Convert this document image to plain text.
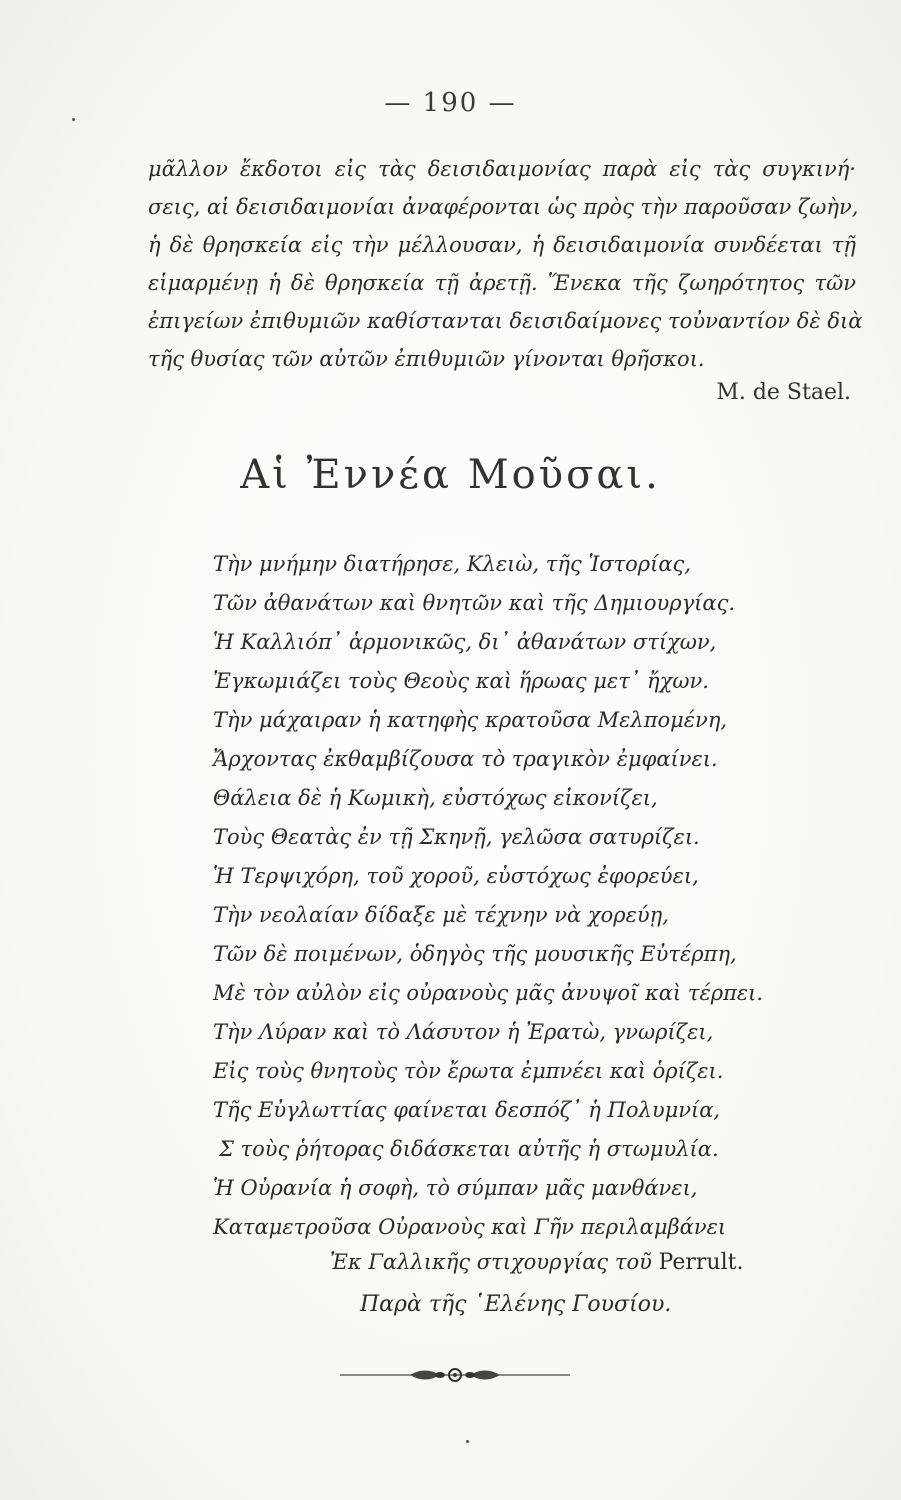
— 190 —
μᾶλλον ἔκδοτοι εἰς τὰς δεισιδαιμονίας παρὰ εἰς τὰς συγκινή·
σεις, αἱ δεισιδαιμονίαι ἀναφέρονται ὡς πρὸς τὴν παροῦσαν ζωὴν,
ἡ δὲ θρησκεία εἰς τὴν μέλλουσαν, ἡ δεισιδαιμονία συνδέεται τῇ
εἱμαρμένῃ ἡ δὲ θρησκεία τῇ ἀρετῇ. Ἕνεκα τῆς ζωηρότητος τῶν
ἐπιγείων ἐπιθυμιῶν καθίστανται δεισιδαίμονες τοὐναντίον δὲ διὰ
τῆς θυσίας τῶν αὐτῶν ἐπιθυμιῶν γίνονται θρῆσκοι.
M. de Stael.
Αἱ Ἐννέα Μοῦσαι.
Τὴν μνήμην διατήρησε, Κλειὼ, τῆς Ἱστορίας,
Τῶν ἀθανάτων καὶ θνητῶν καὶ τῆς Δημιουργίας.
Ἡ Καλλιόπ᾽ ἁρμονικῶς, δι᾽ ἀθανάτων στίχων,
Ἐγκωμιάζει τοὺς Θεοὺς καὶ ἥρωας μετ᾽ ἤχων.
Τὴν μάχαιραν ἡ κατηφὴς κρατοῦσα Μελπομένη,
Ἄρχοντας ἐκθαμβίζουσα τὸ τραγικὸν ἐμφαίνει.
Θάλεια δὲ ἡ Κωμικὴ, εὐστόχως εἰκονίζει,
Τοὺς Θεατὰς ἐν τῇ Σκηνῇ, γελῶσα σατυρίζει.
Ἡ Τερψιχόρη, τοῦ χοροῦ, εὐστόχως ἐφορεύει,
Τὴν νεολαίαν δίδαξε μὲ τέχνην νὰ χορεύῃ,
Τῶν δὲ ποιμένων, ὁδηγὸς τῆς μουσικῆς Εὐτέρπη,
Μὲ τὸν αὐλὸν εἰς οὐρανοὺς μᾶς ἀνυψοῖ καὶ τέρπει.
Τὴν Λύραν καὶ τὸ Λάσυτον ἡ Ἐρατὼ, γνωρίζει,
Εἰς τοὺς θνητοὺς τὸν ἔρωτα ἐμπνέει καὶ ὁρίζει.
Τῆς Εὐγλωττίας φαίνεται δεσπόζ᾽ ἡ Πολυμνία,
Σ τοὺς ῥήτορας διδάσκεται αὐτῆς ἡ στωμυλία.
Ἡ Οὐρανία ἡ σοφὴ, τὸ σύμπαν μᾶς μανθάνει,
Καταμετροῦσα Οὐρανοὺς καὶ Γῆν περιλαμβάνει
Ἐκ Γαλλικῆς στιχουργίας τοῦ Perrult.
Παρὰ τῆς ῾Ελένης Γουσίου.
